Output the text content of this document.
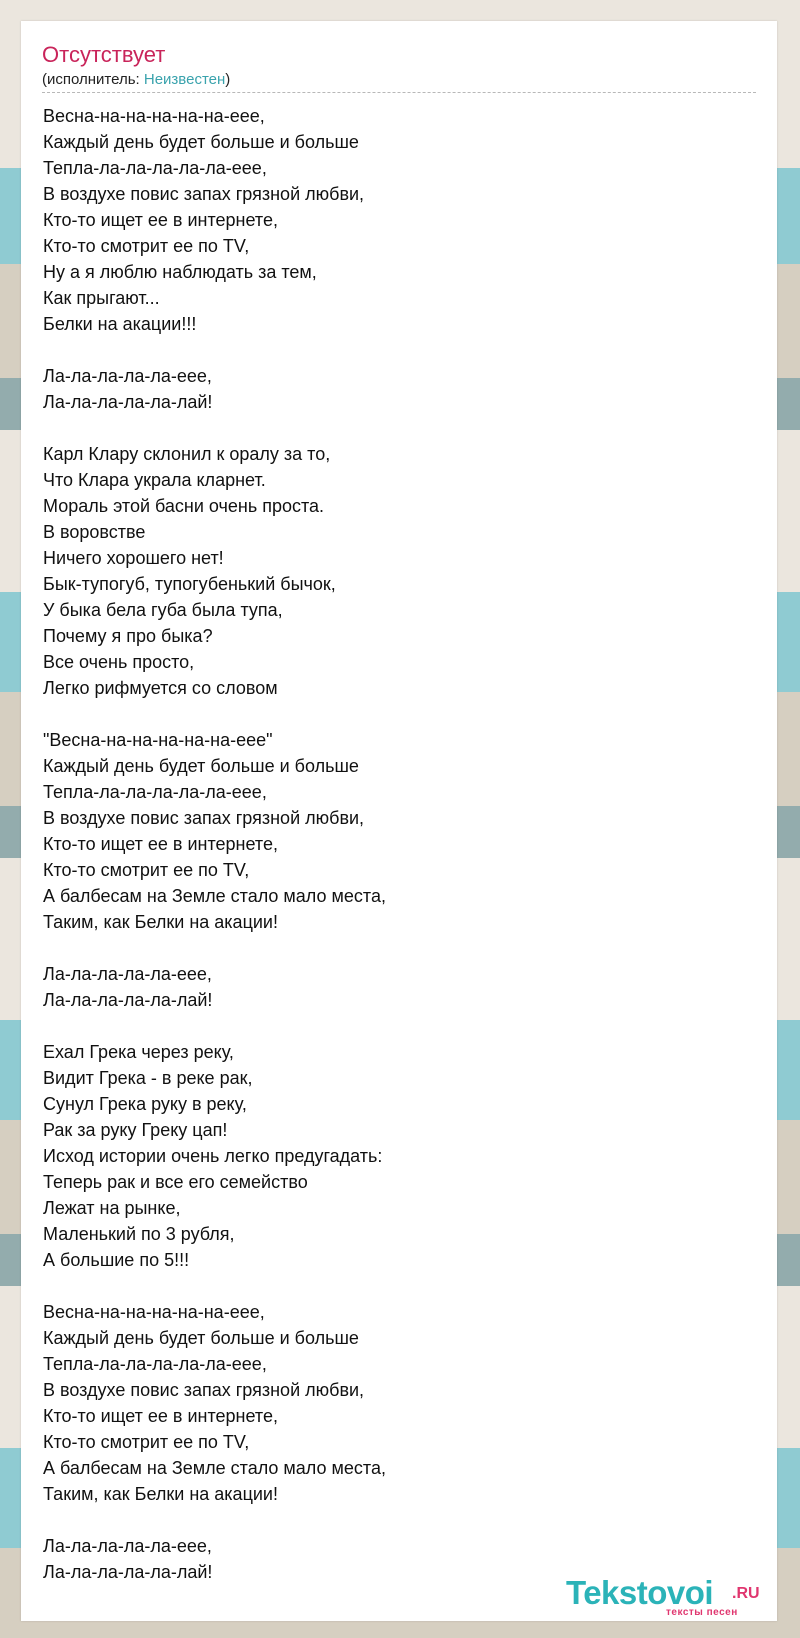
Отсутствует
(исполнитель: Неизвестен)
Весна-на-на-на-на-на-еее,
Каждый день будет больше и больше
Тепла-ла-ла-ла-ла-ла-еее,
В воздухе повис запах грязной любви,
Кто-то ищет ее в интернете,
Кто-то смотрит ее по TV,
Ну а я люблю наблюдать за тем,
Как прыгают...
Белки на акации!!!
Ла-ла-ла-ла-ла-еее,
Ла-ла-ла-ла-ла-лай!
Карл Клару склонил к оралу за то,
Что Клара украла кларнет.
Мораль этой басни очень проста.
В воровстве
Ничего хорошего нет!
Бык-тупогуб, тупогубенький бычок,
У быка бела губа была тупа,
Почему я про быка?
Все очень просто,
Легко рифмуется со словом
"Весна-на-на-на-на-на-еее"
Каждый день будет больше и больше
Тепла-ла-ла-ла-ла-ла-еее,
В воздухе повис запах грязной любви,
Кто-то ищет ее в интернете,
Кто-то смотрит ее по TV,
А балбесам на Земле стало мало места,
Таким, как Белки на акации!
Ла-ла-ла-ла-ла-еее,
Ла-ла-ла-ла-ла-лай!
Ехал Грека через реку,
Видит Грека - в реке рак,
Сунул Грека руку в реку,
Рак за руку Греку цап!
Исход истории очень легко предугадать:
Теперь рак и все его семейство
Лежат на рынке,
Маленький по 3 рубля,
А большие по 5!!!
Весна-на-на-на-на-на-еее,
Каждый день будет больше и больше
Тепла-ла-ла-ла-ла-ла-еее,
В воздухе повис запах грязной любви,
Кто-то ищет ее в интернете,
Кто-то смотрит ее по TV,
А балбесам на Земле стало мало места,
Таким, как Белки на акации!
Ла-ла-ла-ла-ла-еее,
Ла-ла-ла-ла-ла-лай!
Tekstovoi .RU
тексты песен
